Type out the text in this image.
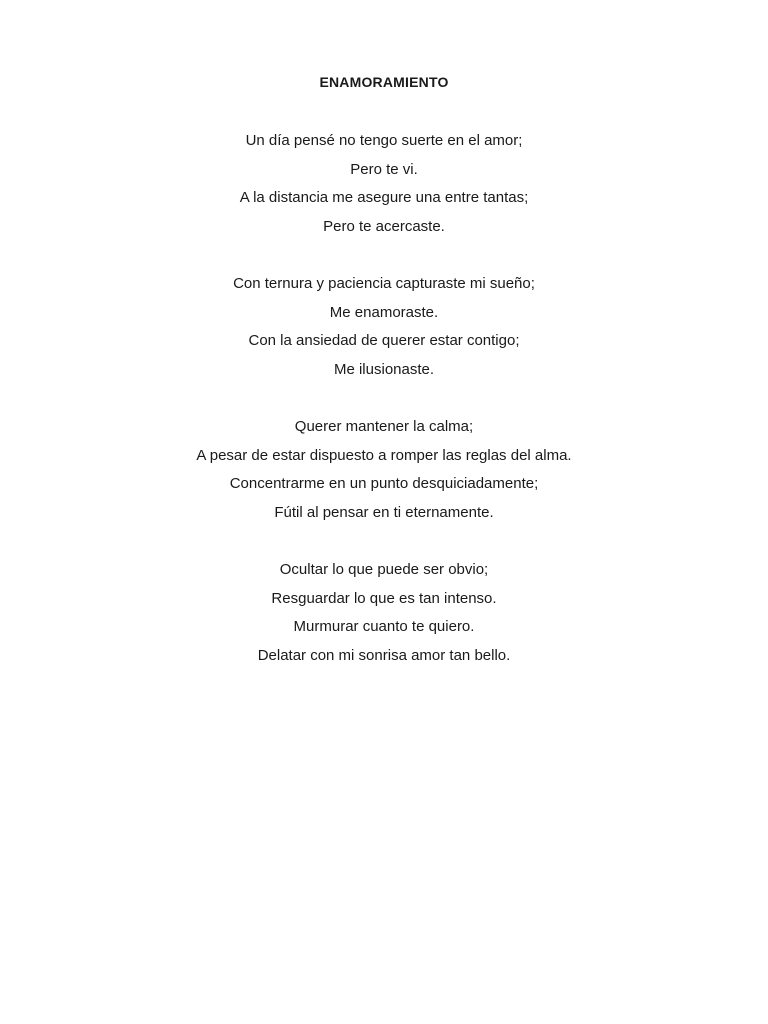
ENAMORAMIENTO
Un día pensé no tengo suerte en el amor;
Pero te vi.
A la distancia me asegure una entre tantas;
Pero te acercaste.
Con ternura y paciencia capturaste mi sueño;
Me enamoraste.
Con la ansiedad de querer estar contigo;
Me ilusionaste.
Querer mantener la calma;
A pesar de estar dispuesto a romper las reglas del alma.
Concentrarme en un punto desquiciadamente;
Fútil al pensar en ti eternamente.
Ocultar lo que puede ser obvio;
Resguardar lo que es tan intenso.
Murmurar cuanto te quiero.
Delatar con mi sonrisa amor tan bello.
